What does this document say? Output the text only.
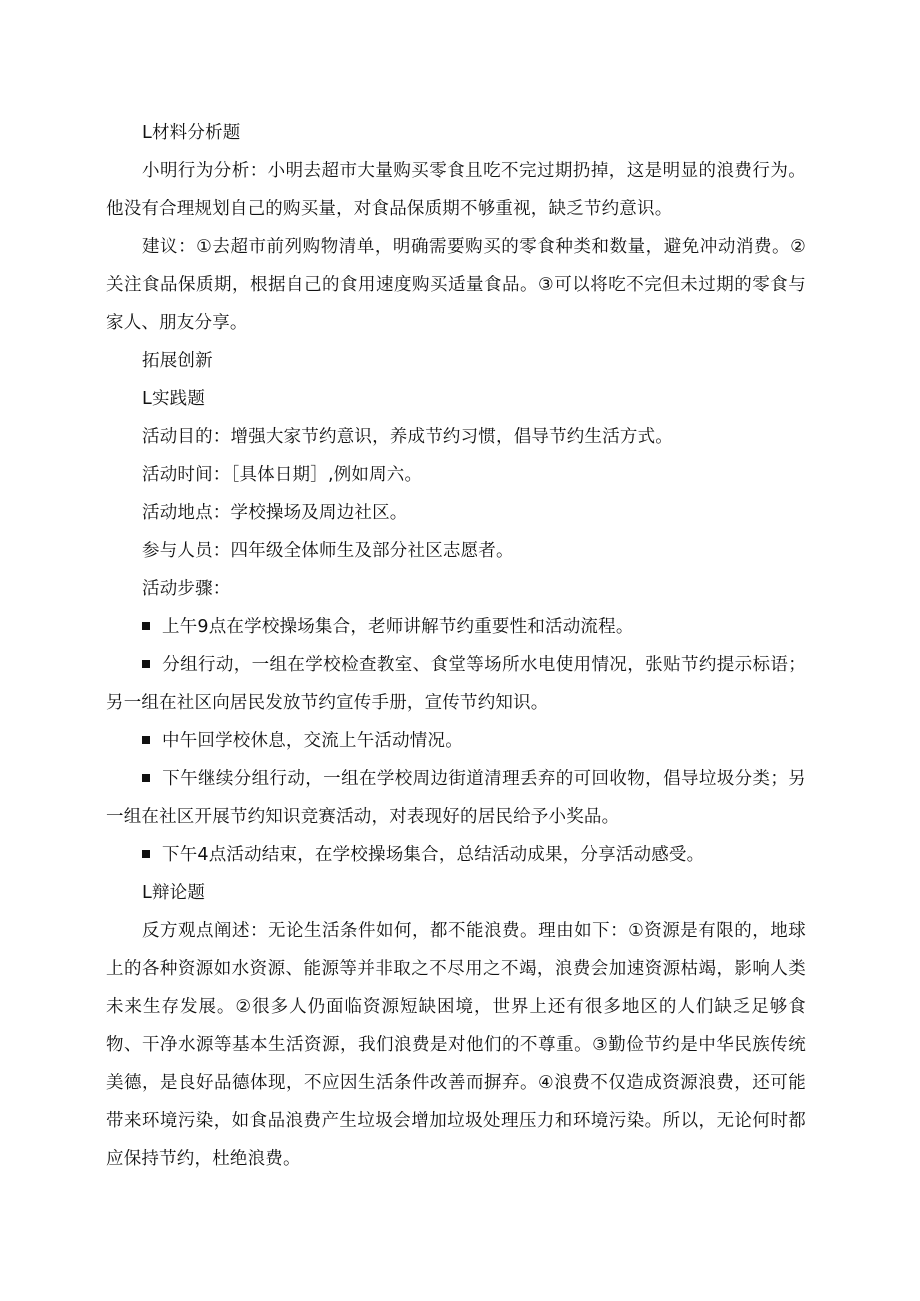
L材料分析题

小明行为分析：小明去超市大量购买零食且吃不完过期扔掉，这是明显的浪费行为。他没有合理规划自己的购买量，对食品保质期不够重视，缺乏节约意识。

建议：①去超市前列购物清单，明确需要购买的零食种类和数量，避免冲动消费。②关注食品保质期，根据自己的食用速度购买适量食品。③可以将吃不完但未过期的零食与家人、朋友分享。

拓展创新

L实践题

活动目的：增强大家节约意识，养成节约习惯，倡导节约生活方式。

活动时间：［具体日期］,例如周六。

活动地点：学校操场及周边社区。

参与人员：四年级全体师生及部分社区志愿者。

活动步骤：

上午9点在学校操场集合，老师讲解节约重要性和活动流程。

分组行动，一组在学校检查教室、食堂等场所水电使用情况，张贴节约提示标语；另一组在社区向居民发放节约宣传手册，宣传节约知识。

中午回学校休息，交流上午活动情况。

下午继续分组行动，一组在学校周边街道清理丢弃的可回收物，倡导垃圾分类；另一组在社区开展节约知识竞赛活动，对表现好的居民给予小奖品。

下午4点活动结束，在学校操场集合，总结活动成果，分享活动感受。

L辩论题

反方观点阐述：无论生活条件如何，都不能浪费。理由如下：①资源是有限的，地球上的各种资源如水资源、能源等并非取之不尽用之不竭，浪费会加速资源枯竭，影响人类未来生存发展。②很多人仍面临资源短缺困境，世界上还有很多地区的人们缺乏足够食物、干净水源等基本生活资源，我们浪费是对他们的不尊重。③勤俭节约是中华民族传统美德，是良好品德体现，不应因生活条件改善而摒弃。④浪费不仅造成资源浪费，还可能带来环境污染，如食品浪费产生垃圾会增加垃圾处理压力和环境污染。所以，无论何时都应保持节约，杜绝浪费。
